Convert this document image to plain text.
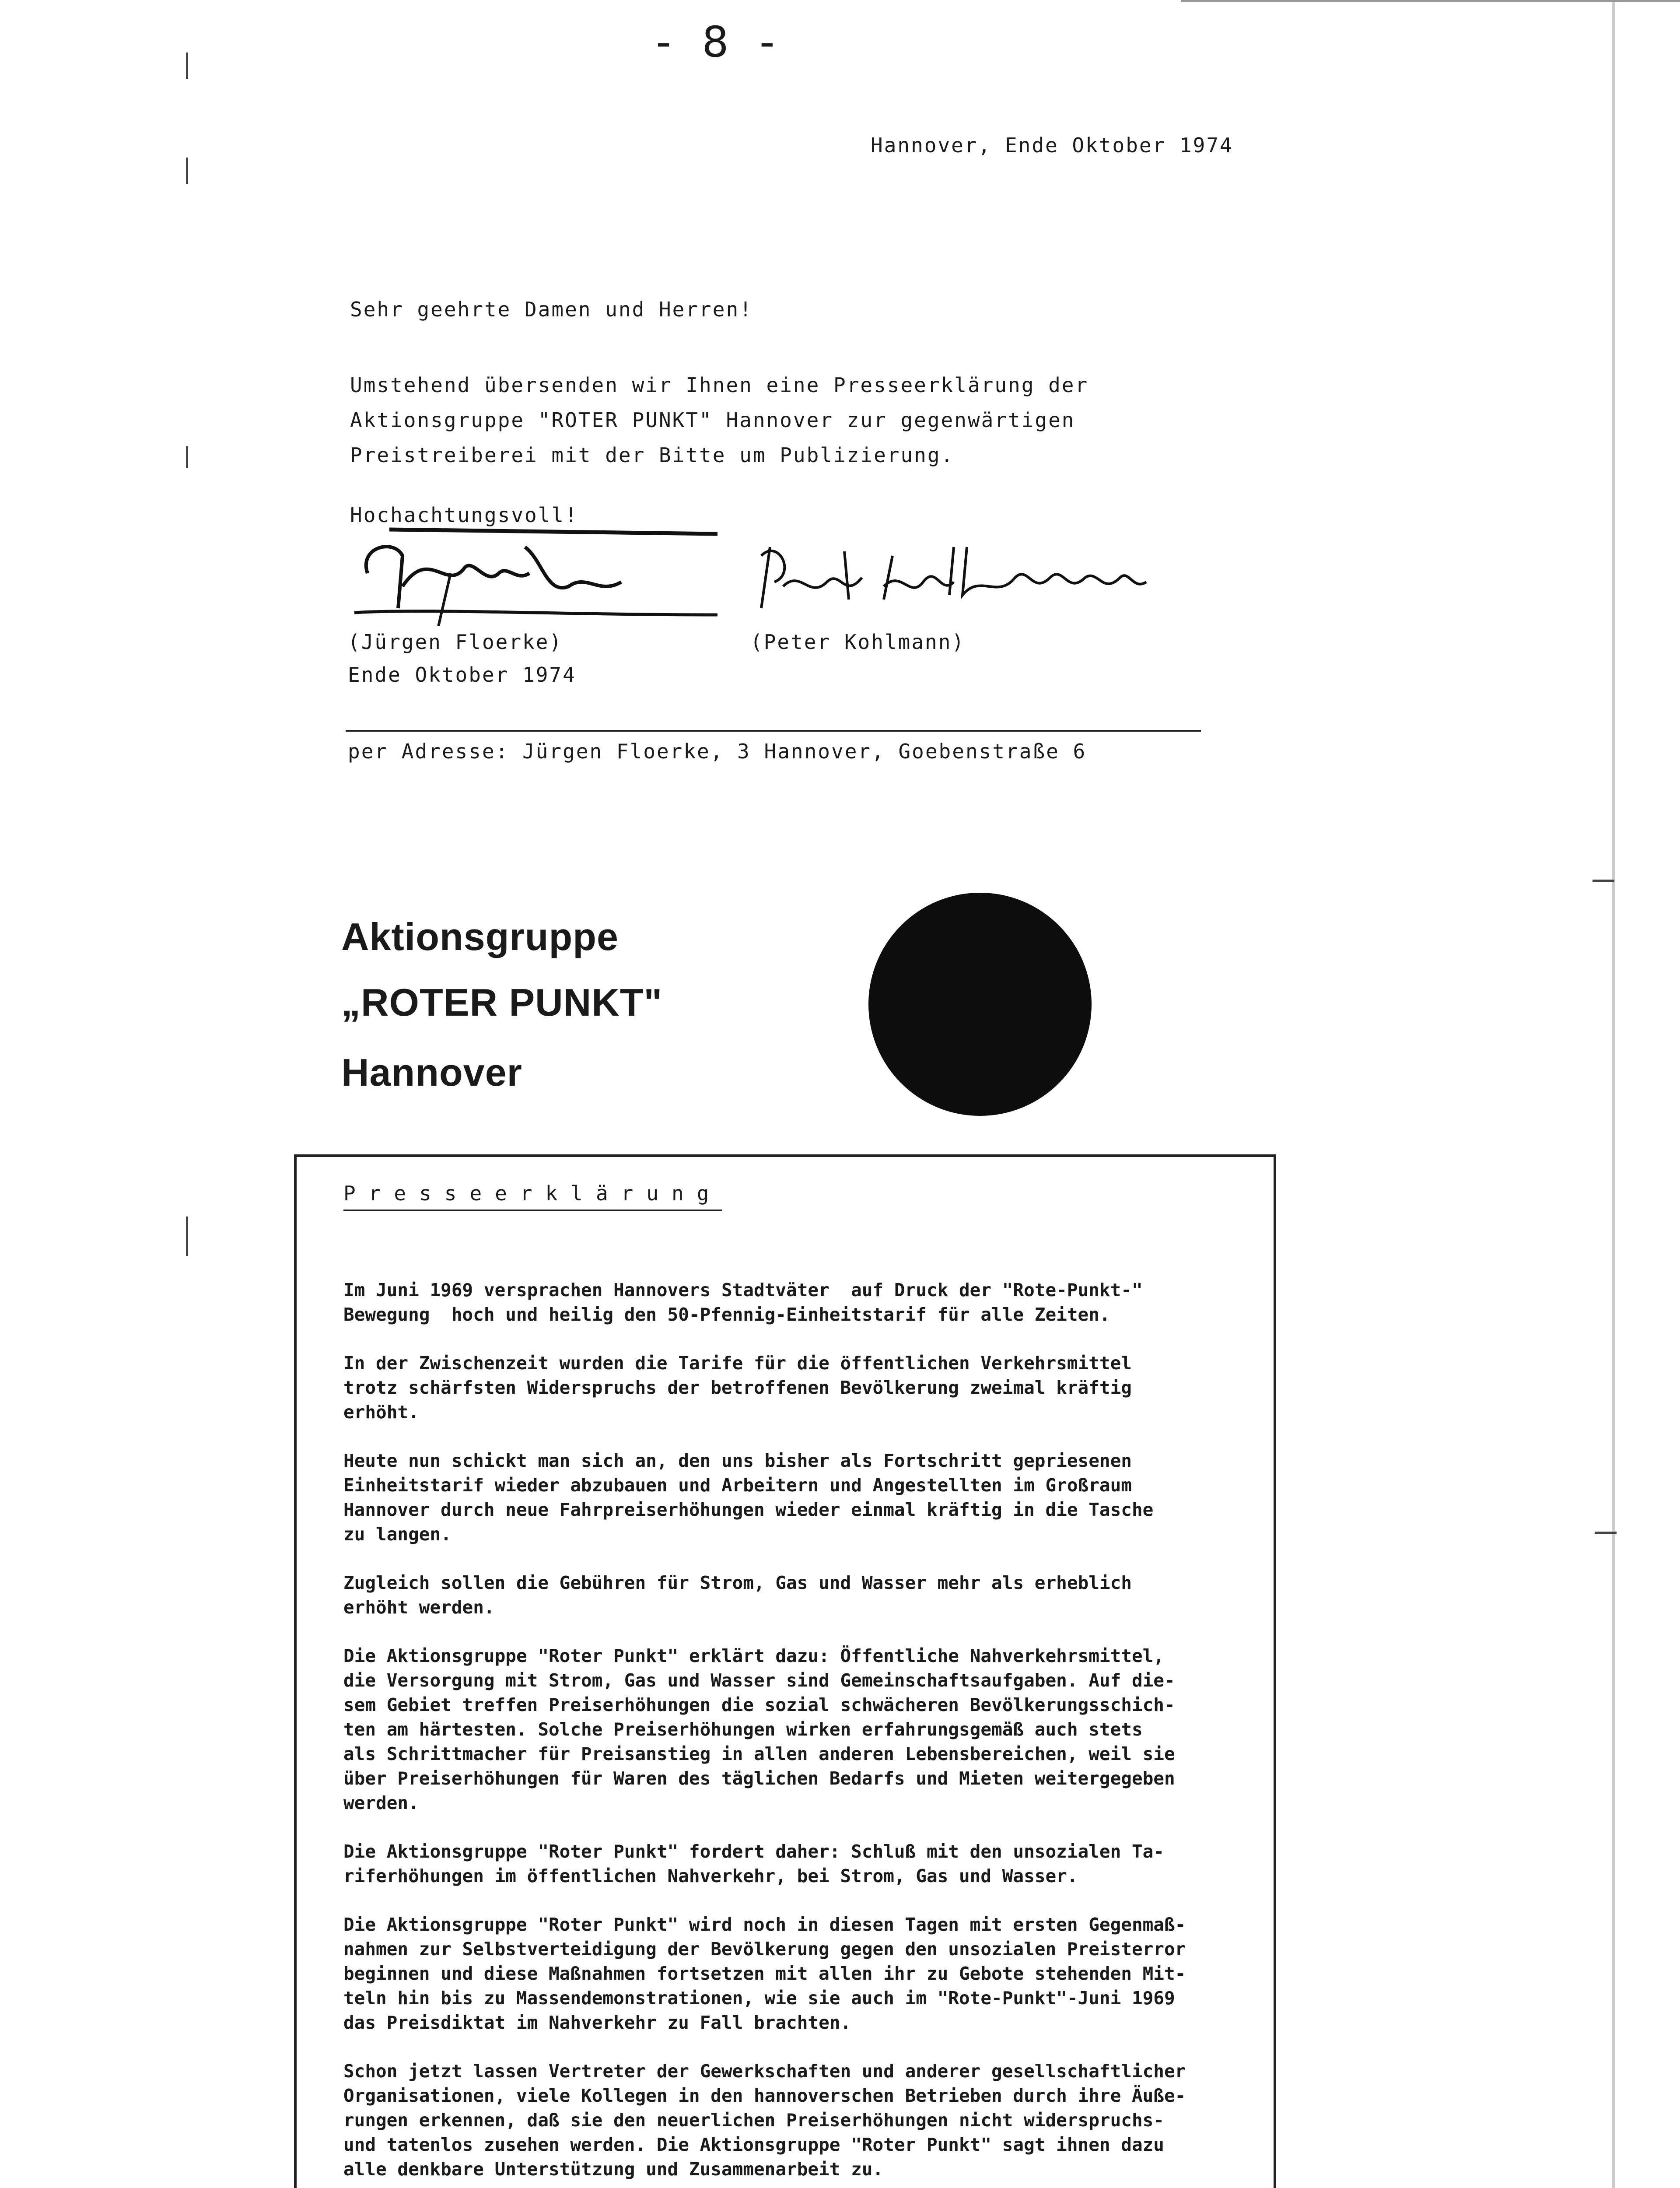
- 8 -
Hannover, Ende Oktober 1974
Sehr geehrte Damen und Herren!
Umstehend übersenden wir Ihnen eine Presseerklärung der
Aktionsgruppe "ROTER PUNKT" Hannover zur gegenwärtigen
Preistreiberei mit der Bitte um Publizierung.
Hochachtungsvoll!
(Jürgen Floerke)	(Peter Kohlmann)
Ende Oktober 1974
per Adresse: Jürgen Floerke, 3 Hannover, Goebenstraße 6
Aktionsgruppe
„ROTER PUNKT"
Hannover
Presseerklärung

Im Juni 1969 versprachen Hannovers Stadtväter  auf Druck der "Rote-Punkt-"
Bewegung  hoch und heilig den 50-Pfennig-Einheitstarif für alle Zeiten.

In der Zwischenzeit wurden die Tarife für die öffentlichen Verkehrsmittel
trotz schärfsten Widerspruchs der betroffenen Bevölkerung zweimal kräftig
erhöht.

Heute nun schickt man sich an, den uns bisher als Fortschritt gepriesenen
Einheitstarif wieder abzubauen und Arbeitern und Angestellten im Großraum
Hannover durch neue Fahrpreiserhöhungen wieder einmal kräftig in die Tasche
zu langen.

Zugleich sollen die Gebühren für Strom, Gas und Wasser mehr als erheblich
erhöht werden.

Die Aktionsgruppe "Roter Punkt" erklärt dazu: Öffentliche Nahverkehrsmittel,
die Versorgung mit Strom, Gas und Wasser sind Gemeinschaftsaufgaben. Auf die-
sem Gebiet treffen Preiserhöhungen die sozial schwächeren Bevölkerungsschich-
ten am härtesten. Solche Preiserhöhungen wirken erfahrungsgemäß auch stets
als Schrittmacher für Preisanstieg in allen anderen Lebensbereichen, weil sie
über Preiserhöhungen für Waren des täglichen Bedarfs und Mieten weitergegeben
werden.

Die Aktionsgruppe "Roter Punkt" fordert daher: Schluß mit den unsozialen Ta-
riferhöhungen im öffentlichen Nahverkehr, bei Strom, Gas und Wasser.

Die Aktionsgruppe "Roter Punkt" wird noch in diesen Tagen mit ersten Gegenmaß-
nahmen zur Selbstverteidigung der Bevölkerung gegen den unsozialen Preisterror
beginnen und diese Maßnahmen fortsetzen mit allen ihr zu Gebote stehenden Mit-
teln hin bis zu Massendemonstrationen, wie sie auch im "Rote-Punkt"-Juni 1969
das Preisdiktat im Nahverkehr zu Fall brachten.

Schon jetzt lassen Vertreter der Gewerkschaften und anderer gesellschaftlicher
Organisationen, viele Kollegen in den hannoverschen Betrieben durch ihre Äuße-
rungen erkennen, daß sie den neuerlichen Preiserhöhungen nicht widerspruchs-
und tatenlos zusehen werden. Die Aktionsgruppe "Roter Punkt" sagt ihnen dazu
alle denkbare Unterstützung und Zusammenarbeit zu.
